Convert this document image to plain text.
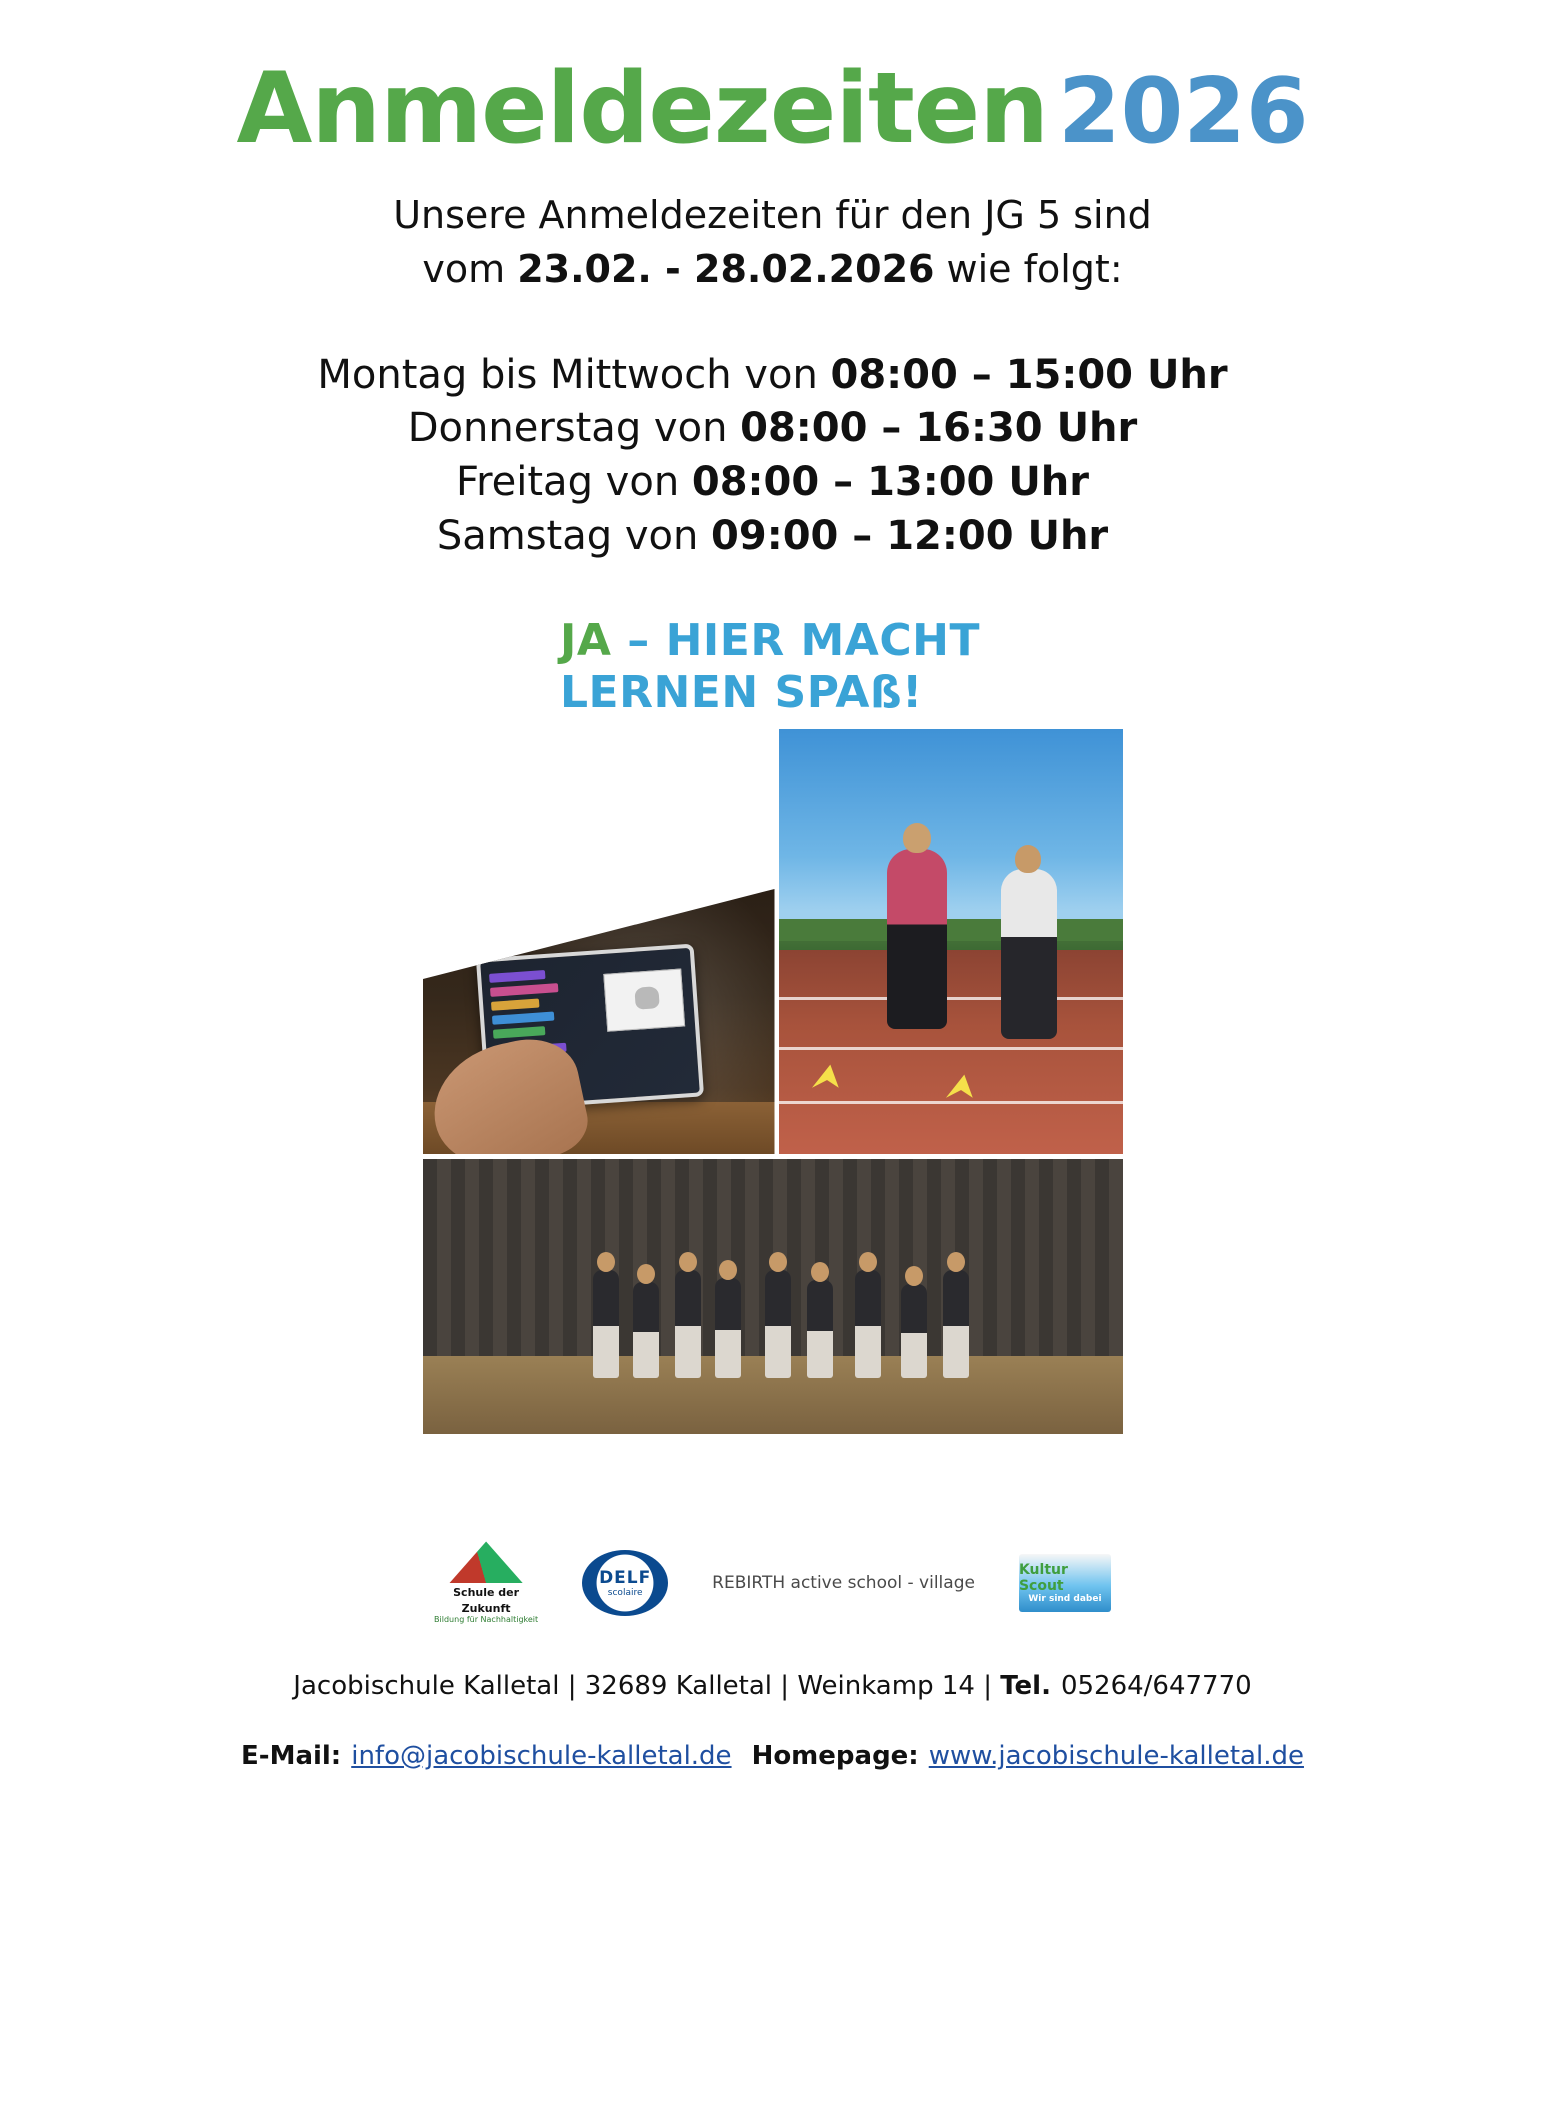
Anmeldezeiten 2026
Unsere Anmeldezeiten für den JG 5 sind
vom 23.02. - 28.02.2026 wie folgt:
Montag bis Mittwoch von 08:00 – 15:00 Uhr
Donnerstag von 08:00 – 16:30 Uhr
Freitag von 08:00 – 13:00 Uhr
Samstag von 09:00 – 12:00 Uhr
JA – HIER MACHT
LERNEN SPAß!
⮝	⮝
Schule der
Zukunft
Bildung für Nachhaltigkeit
DELF
scolaire	REBIRTH active school - village
Kultur Scout
Wir sind dabei
Jacobischule Kalletal | 32689 Kalletal | Weinkamp 14 | Tel. 05264/647770
E-Mail: info@jacobischule-kalletal.de Homepage: www.jacobischule-kalletal.de
